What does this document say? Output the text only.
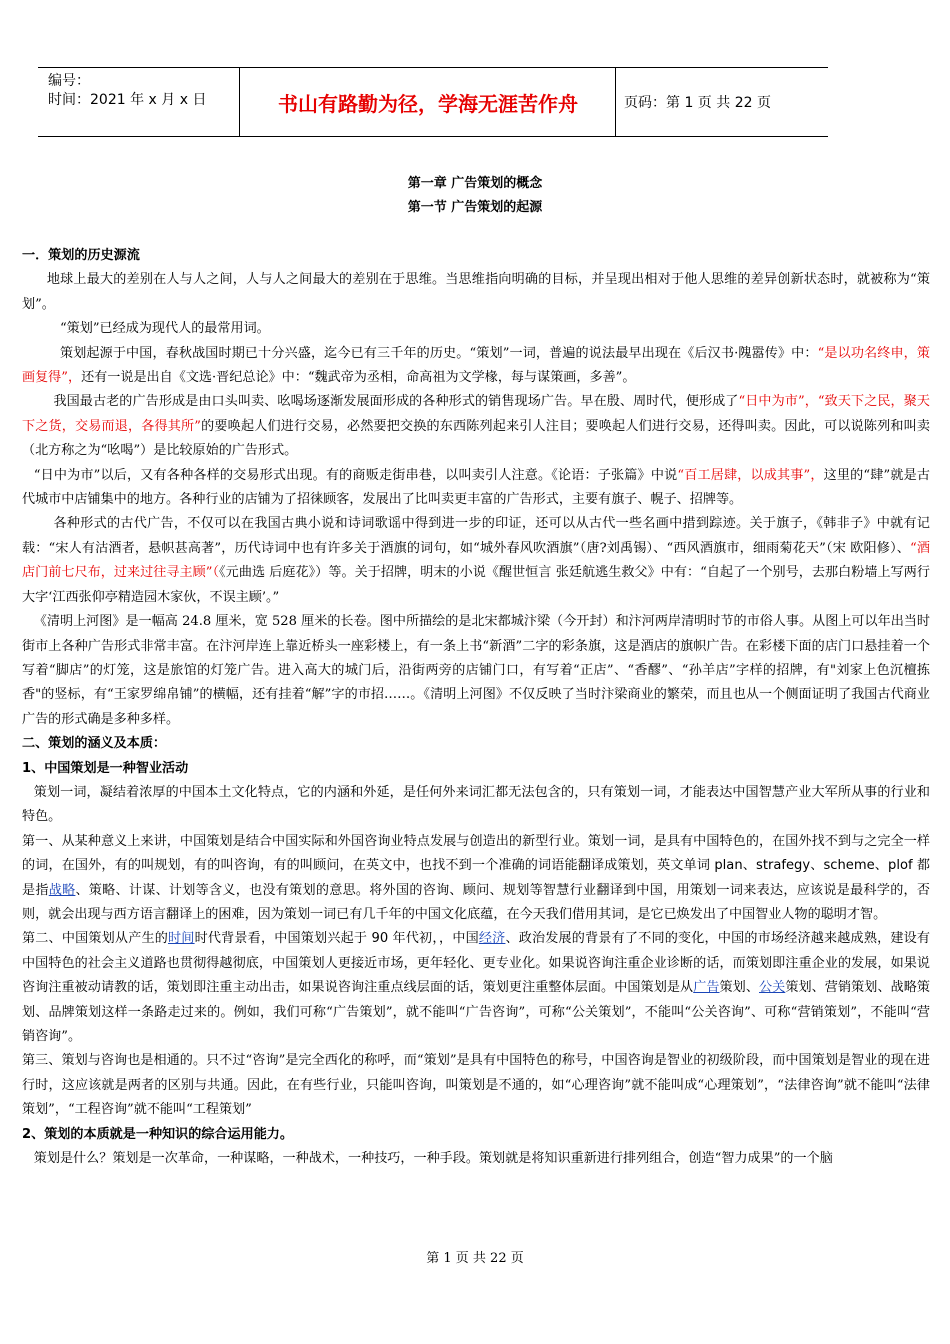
编号：
时间：2021 年 x 月 x 日	书山有路勤为径，学海无涯苦作舟	页码：第 1 页 共 22 页
第一章 广告策划的概念
第一节 广告策划的起源

一．策划的历史源流

地球上最大的差别在人与人之间，人与人之间最大的差别在于思维。当思维指向明确的目标，并呈现出相对于他人思维的差异创新状态时，就被称为“策划”。

“策划”已经成为现代人的最常用词。

策划起源于中国，春秋战国时期已十分兴盛，迄今已有三千年的历史。“策划”一词，普遍的说法最早出现在《后汉书·隗嚣传》中：“是以功名终申，策画复得”，还有一说是出自《文选·晋纪总论》中：“魏武帝为丞相，命高祖为文学椽，每与谋策画，多善”。

我国最古老的广告形成是由口头叫卖、吆喝场逐渐发展面形成的各种形式的销售现场广告。早在殷、周时代，便形成了“日中为市”，“致天下之民，聚天下之货，交易而退，各得其所”的要唤起人们进行交易，必然要把交换的东西陈列起来引人注目；要唤起人们进行交易，还得叫卖。因此，可以说陈列和叫卖（北方称之为“吆喝”）是比较原始的广告形式。

“日中为市”以后，又有各种各样的交易形式出现。有的商贩走街串巷，以叫卖引人注意。《论语：子张篇》中说“百工居肆，以成其事”，这里的“肆”就是古代城市中店铺集中的地方。各种行业的店铺为了招徕顾客，发展出了比叫卖更丰富的广告形式，主要有旗子、幌子、招牌等。

各种形式的古代广告，不仅可以在我国古典小说和诗词歌谣中得到进一步的印证，还可以从古代一些名画中措到踪迹。关于旗子，《韩非子》中就有记载：“宋人有沽酒者，悬帜甚高著”，历代诗词中也有许多关于酒旗的词句，如“城外春风吹酒旗”（唐?刘禹锡）、“西风酒旗市，细雨菊花天”（宋 欧阳修）、“酒店门前七尺布，过来过往寻主顾”（《元曲选 后庭花》）等。关于招牌，明末的小说《醒世恒言 张廷航逃生救父》中有：“自起了一个别号，去那白粉墙上写两行大字‘江西张仰亭精造园木家伙，不误主顾’。”

《清明上河图》是一幅高 24.8 厘米，宽 528 厘米的长卷。图中所描绘的是北宋都城汴梁（今开封）和汴河两岸清明时节的市俗人事。从图上可以年出当时街市上各种广告形式非常丰富。在汴河岸连上靠近桥头一座彩楼上，有一条上书“新酒”二字的彩条旗，这是酒店的旗帜广告。在彩楼下面的店门口悬挂着一个写着“脚店”的灯笼，这是旅馆的灯笼广告。进入高大的城门后，沿街两旁的店铺门口，有写着“正店”、“香醪”、“孙羊店”字样的招牌，有"刘家上色沉檀拣香"的竖标，有“王家罗绵帛铺”的横幅，还有挂着“解”字的市招……。《清明上河图》不仅反映了当时汴梁商业的繁荣，而且也从一个侧面证明了我国古代商业广告的形式确是多种多样。

二、策划的涵义及本质：

1、中国策划是一种智业活动

策划一词，凝结着浓厚的中国本土文化特点，它的内涵和外延，是任何外来词汇都无法包含的，只有策划一词，才能表达中国智慧产业大军所从事的行业和特色。

第一、从某种意义上来讲，中国策划是结合中国实际和外国咨询业特点发展与创造出的新型行业。策划一词，是具有中国特色的，在国外找不到与之完全一样的词，在国外，有的叫规划，有的叫咨询，有的叫顾问，在英文中，也找不到一个准确的词语能翻译成策划，英文单词 plan、strafegy、scheme、plof 都是指战略、策略、计谋、计划等含义，也没有策划的意思。将外国的咨询、顾问、规划等智慧行业翻译到中国，用策划一词来表达，应该说是最科学的，否则，就会出现与西方语言翻译上的困难，因为策划一词已有几千年的中国文化底蕴，在今天我们借用其词，是它已焕发出了中国智业人物的聪明才智。

第二、中国策划从产生的时间时代背景看，中国策划兴起于 90 年代初，，中国经济、政治发展的背景有了不同的变化，中国的市场经济越来越成熟，建设有中国特色的社会主义道路也贯彻得越彻底，中国策划人更接近市场，更年轻化、更专业化。如果说咨询注重企业诊断的话，而策划即注重企业的发展，如果说咨询注重被动请教的话，策划即注重主动出击，如果说咨询注重点线层面的话，策划更注重整体层面。中国策划是从广告策划、公关策划、营销策划、战略策划、品牌策划这样一条路走过来的。例如，我们可称“广告策划”，就不能叫“广告咨询”，可称“公关策划”，不能叫“公关咨询”、可称“营销策划”，不能叫“营销咨询”。

第三、策划与咨询也是相通的。只不过“咨询”是完全西化的称呼，而“策划”是具有中国特色的称号，中国咨询是智业的初级阶段，而中国策划是智业的现在进行时，这应该就是两者的区别与共通。因此，在有些行业，只能叫咨询，叫策划是不通的，如“心理咨询”就不能叫成“心理策划”，“法律咨询”就不能叫“法律策划”，“工程咨询”就不能叫“工程策划”

2、策划的本质就是一种知识的综合运用能力。

策划是什么？策划是一次革命，一种谋略，一种战术，一种技巧，一种手段。策划就是将知识重新进行排列组合，创造“智力成果”的一个脑

第 1 页 共 22 页
